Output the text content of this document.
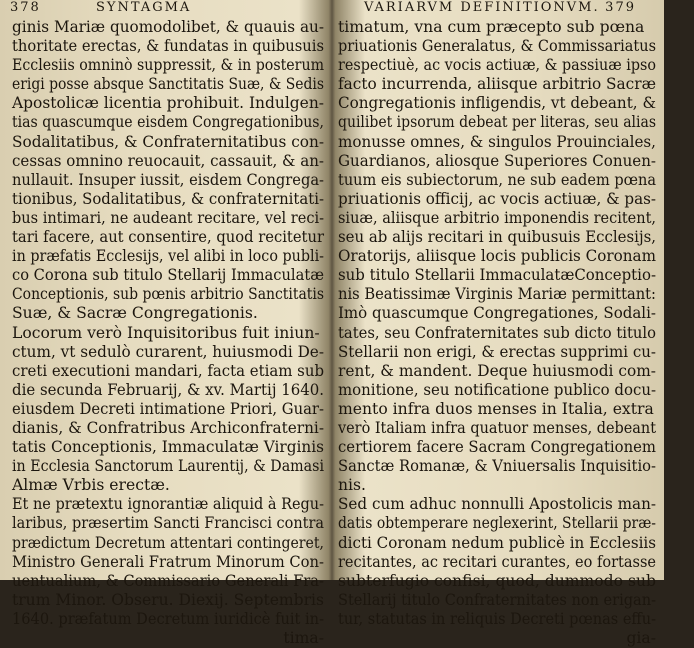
378	SYNTAGMA
ginis Mariæ quomodolibet, & quauis au-
thoritate erectas, & fundatas in quibusuis
Ecclesiis omninò suppressit, & in posterum
erigi posse absque Sanctitatis Suæ, & Sedis
Apostolicæ licentia prohibuit. Indulgen-
tias quascumque eisdem Congregationibus,
Sodalitatibus, & Confraternitatibus con-
cessas omnino reuocauit, cassauit, & an-
nullauit. Insuper iussit, eisdem Congrega-
tionibus, Sodalitatibus, & confraternitati-
bus intimari, ne audeant recitare, vel reci-
tari facere, aut consentire, quod recitetur
in præfatis Ecclesijs, vel alibi in loco publi-
co Corona sub titulo Stellarij Immaculatæ
Conceptionis, sub pœnis arbitrio Sanctitatis
Suæ, & Sacræ Congregationis.
Locorum verò Inquisitoribus fuit iniun-
ctum, vt sedulò curarent, huiusmodi De-
creti executioni mandari, facta etiam sub
die secunda Februarij, & xv. Martij 1640.
eiusdem Decreti intimatione Priori, Guar-
dianis, & Confratribus Archiconfraterni-
tatis Conceptionis, Immaculatæ Virginis
in Ecclesia Sanctorum Laurentij, & Damasi
Almæ Vrbis erectæ.
Et ne prætextu ignorantiæ aliquid à Regu-
laribus, præsertim Sancti Francisci contra
prædictum Decretum attentari contingeret,
Ministro Generali Fratrum Minorum Con-
uentualium, & Commissario Generali Fra-
trum Minor. Obseru. Diexij. Septembris
1640. præfatum Decretum iuridicè fuit in-
tima-
VARIARVM DEFINITIONVM. 379
timatum, vna cum præcepto sub pœna
priuationis Generalatus, & Commissariatus
respectiuè, ac vocis actiuæ, & passiuæ ipso
facto incurrenda, aliisque arbitrio Sacræ
Congregationis infligendis, vt debeant, &
quilibet ipsorum debeat per literas, seu alias
monusse omnes, & singulos Prouinciales,
Guardianos, aliosque Superiores Conuen-
tuum eis subiectorum, ne sub eadem pœna
priuationis officij, ac vocis actiuæ, & pas-
siuæ, aliisque arbitrio imponendis recitent,
seu ab alijs recitari in quibusuis Ecclesijs,
Oratorijs, aliisque locis publicis Coronam
sub titulo Stellarii ImmaculatæConceptio-
nis Beatissimæ Virginis Mariæ permittant:
Imò quascumque Congregationes, Sodali-
tates, seu Confraternitates sub dicto titulo
Stellarii non erigi, & erectas supprimi cu-
rent, & mandent. Deque huiusmodi com-
monitione, seu notificatione publico docu-
mento infra duos menses in Italia, extra
verò Italiam infra quatuor menses, debeant
certiorem facere Sacram Congregationem
Sanctæ Romanæ, & Vniuersalis Inquisitio-
nis.
Sed cum adhuc nonnulli Apostolicis man-
datis obtemperare neglexerint, Stellarii præ-
dicti Coronam nedum publicè in Ecclesiis
recitantes, ac recitari curantes, eo fortasse
subterfugio confisi, quod, dummodo sub
Stellarij titulo Confraternitates non erigan-
tur, statutas in reliquis Decreti pœnas effu-
gia-
